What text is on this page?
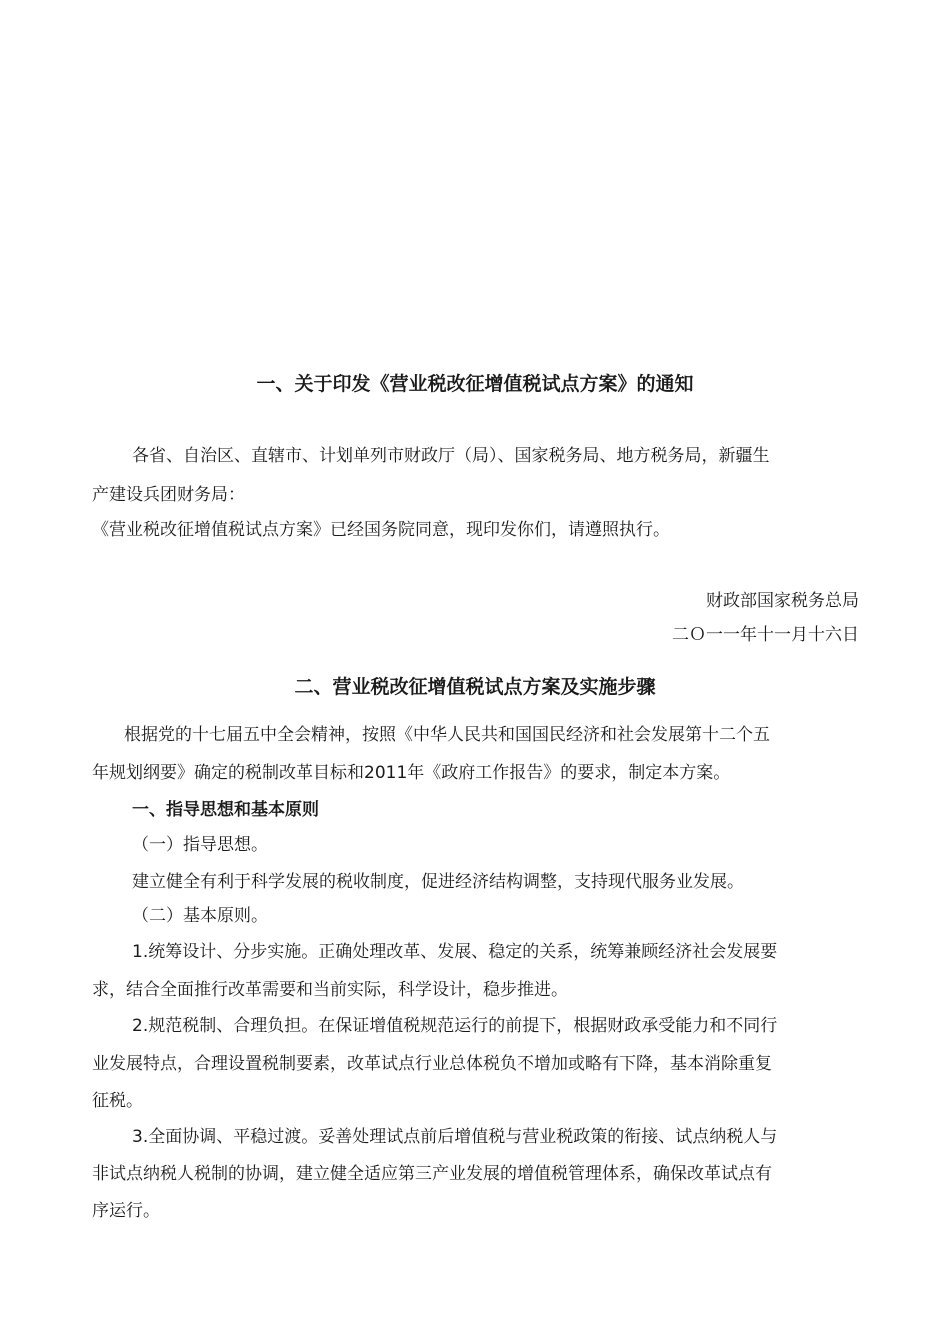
一、关于印发《营业税改征增值税试点方案》的通知
各省、自治区、直辖市、计划单列市财政厅（局）、国家税务局、地方税务局，新疆生
产建设兵团财务局：
《营业税改征增值税试点方案》已经国务院同意，现印发你们，请遵照执行。
财政部国家税务总局
二Ｏ一一年十一月十六日
二、营业税改征增值税试点方案及实施步骤
根据党的十七届五中全会精神，按照《中华人民共和国国民经济和社会发展第十二个五
年规划纲要》确定的税制改革目标和2011年《政府工作报告》的要求，制定本方案。
一、指导思想和基本原则
（一）指导思想。
建立健全有利于科学发展的税收制度，促进经济结构调整，支持现代服务业发展。
（二）基本原则。
1.统筹设计、分步实施。正确处理改革、发展、稳定的关系，统筹兼顾经济社会发展要
求，结合全面推行改革需要和当前实际，科学设计，稳步推进。
2.规范税制、合理负担。在保证增值税规范运行的前提下，根据财政承受能力和不同行
业发展特点，合理设置税制要素，改革试点行业总体税负不增加或略有下降，基本消除重复
征税。
3.全面协调、平稳过渡。妥善处理试点前后增值税与营业税政策的衔接、试点纳税人与
非试点纳税人税制的协调，建立健全适应第三产业发展的增值税管理体系，确保改革试点有
序运行。
